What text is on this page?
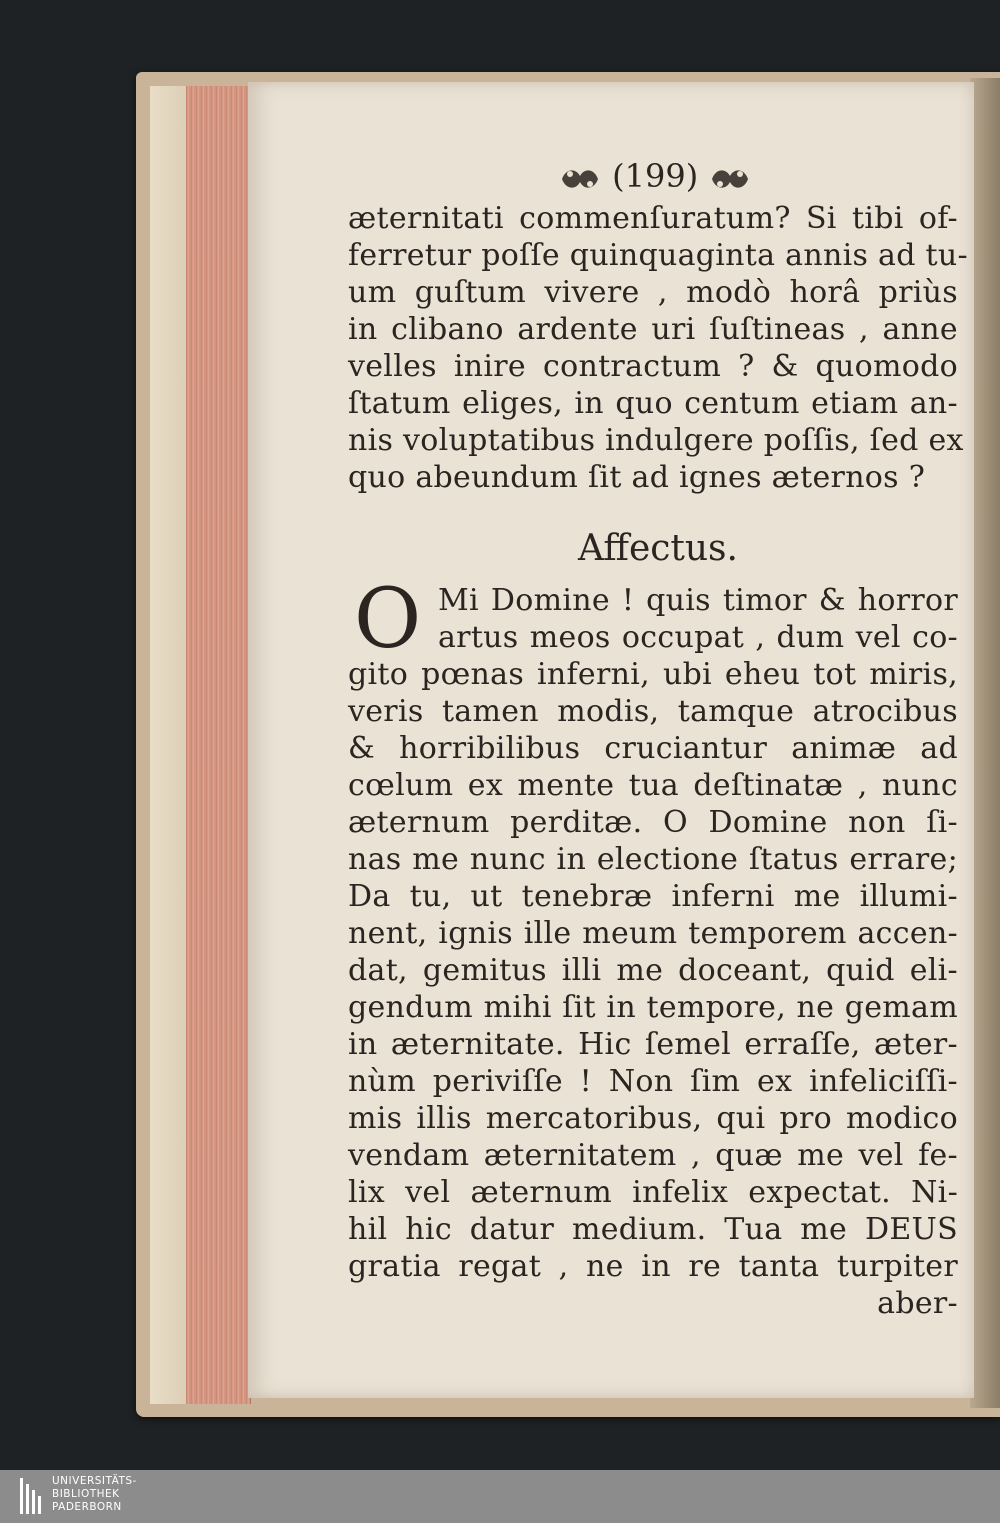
(199)
æternitati commenſuratum? Si tibi of-
ferretur poſſe quinquaginta annis ad tu-
um guſtum vivere , modò horâ priùs
in clibano ardente uri ſuſtineas , anne
velles inire contractum ? & quomodo
ſtatum eliges, in quo centum etiam an-
nis voluptatibus indulgere poſſis, ſed ex
quo abeundum ſit ad ignes æternos ?
Affectus.
O Mi Domine ! quis timor & horror
artus meos occupat , dum vel co-
gito pœnas inferni, ubi eheu tot miris,
veris tamen modis, tamque atrocibus
& horribilibus cruciantur animæ ad
cœlum ex mente tua deſtinatæ , nunc
æternum perditæ. O Domine non ſi-
nas me nunc in electione ſtatus errare;
Da tu, ut tenebræ inferni me illumi-
nent, ignis ille meum temporem accen-
dat, gemitus illi me doceant, quid eli-
gendum mihi ſit in tempore, ne gemam
in æternitate. Hic ſemel erraſſe, æter-
nùm periviſſe ! Non ſim ex infeliciſſi-
mis illis mercatoribus, qui pro modico
vendam æternitatem , quæ me vel fe-
lix vel æternum infelix expectat. Ni-
hil hic datur medium. Tua me DEUS
gratia regat , ne in re tanta turpiter
aber-
UNIVERSITÄTS-
BIBLIOTHEK
PADERBORN
